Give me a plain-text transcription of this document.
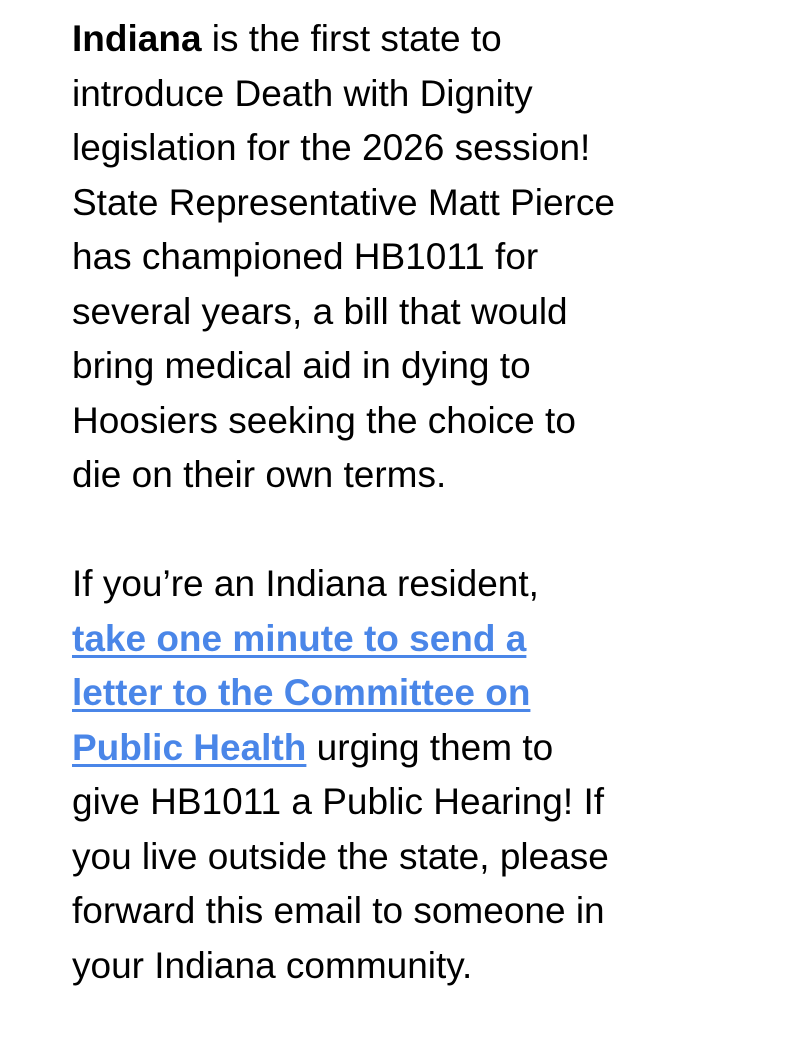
Indiana is the first state to
introduce Death with Dignity
legislation for the 2026 session!
State Representative Matt Pierce
has championed HB1011 for
several years, a bill that would
bring medical aid in dying to
Hoosiers seeking the choice to
die on their own terms.

If you’re an Indiana resident,
take one minute to send a
letter to the Committee on
Public Health urging them to
give HB1011 a Public Hearing! If
you live outside the state, please
forward this email to someone in
your Indiana community.
